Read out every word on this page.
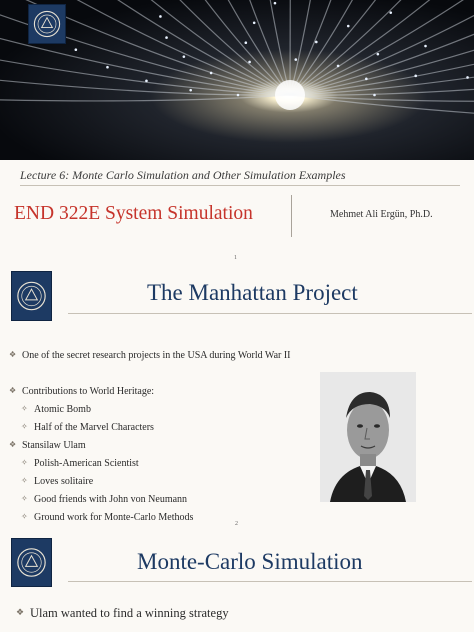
Lecture 6: Monte Carlo Simulation and Other Simulation Examples
END 322E System Simulation	Mehmet Ali Ergün, Ph.D.
1
The Manhattan Project
❖ One of the secret research projects in the USA during World War II
❖ Contributions to World Heritage:
✧ Atomic Bomb
✧ Half of the Marvel Characters
❖ Stansilaw Ulam
✧ Polish-American Scientist
✧ Loves solitaire
✧ Good friends with John von Neumann
✧ Ground work for Monte-Carlo Methods
2
Monte-Carlo Simulation
❖ Ulam wanted to find a winning strategy
